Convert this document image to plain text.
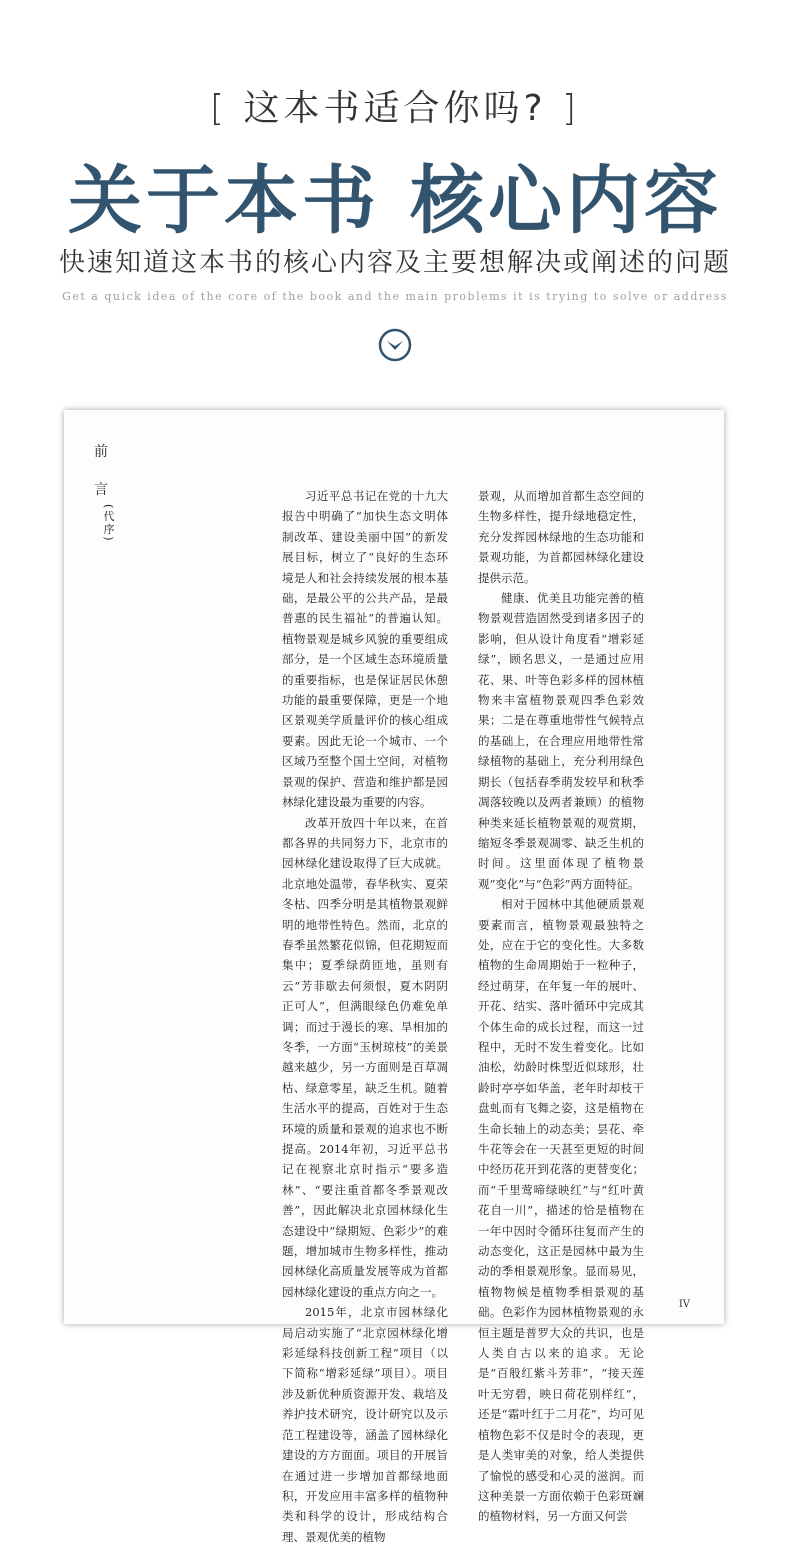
[ 这本书适合你吗? ]
关于本书 核心内容
快速知道这本书的核心内容及主要想解决或阐述的问题
Get a quick idea of the core of the book and the main problems it is trying to solve or address
前
言
(代序)

习近平总书记在党的十九大报告中明确了“加快生态文明体制改革、建设美丽中国”的新发展目标，树立了“良好的生态环境是人和社会持续发展的根本基础，是最公平的公共产品，是最普惠的民生福祉”的普遍认知。植物景观是城乡风貌的重要组成部分，是一个区域生态环境质量的重要指标，也是保证居民休憩功能的最重要保障，更是一个地区景观美学质量评价的核心组成要素。因此无论一个城市、一个区域乃至整个国土空间，对植物景观的保护、营造和维护都是园林绿化建设最为重要的内容。

改革开放四十年以来，在首都各界的共同努力下，北京市的园林绿化建设取得了巨大成就。北京地处温带，春华秋实、夏荣冬枯、四季分明是其植物景观鲜明的地带性特色。然而，北京的春季虽然繁花似锦，但花期短而集中；夏季绿荫匝地，虽则有云“芳菲歇去何须恨，夏木阴阴正可人”，但满眼绿色仍难免单调；而过于漫长的寒、旱相加的冬季，一方面“玉树琼枝”的美景越来越少，另一方面则是百草凋枯、绿意零星，缺乏生机。随着生活水平的提高，百姓对于生态环境的质量和景观的追求也不断提高。2014年初，习近平总书记在视察北京时指示“要多造林”、“要注重首都冬季景观改善”，因此解决北京园林绿化生态建设中“绿期短、色彩少”的难题，增加城市生物多样性，推动园林绿化高质量发展等成为首都园林绿化建设的重点方向之一。

2015年，北京市园林绿化局启动实施了“北京园林绿化增彩延绿科技创新工程”项目（以下简称“增彩延绿”项目）。项目涉及新优种质资源开发、栽培及养护技术研究，设计研究以及示范工程建设等，涵盖了园林绿化建设的方方面面。项目的开展旨在通过进一步增加首都绿地面积，开发应用丰富多样的植物种类和科学的设计，形成结构合理、景观优美的植物

景观，从而增加首都生态空间的生物多样性，提升绿地稳定性，充分发挥园林绿地的生态功能和景观功能，为首都园林绿化建设提供示范。

健康、优美且功能完善的植物景观营造固然受到诸多因子的影响，但从设计角度看“增彩延绿”，顾名思义，一是通过应用花、果、叶等色彩多样的园林植物来丰富植物景观四季色彩效果；二是在尊重地带性气候特点的基础上，在合理应用地带性常绿植物的基础上，充分利用绿色期长（包括春季萌发较早和秋季凋落较晚以及两者兼顾）的植物种类来延长植物景观的观赏期，缩短冬季景观凋零、缺乏生机的时间。这里面体现了植物景观“变化”与“色彩”两方面特征。

相对于园林中其他硬质景观要素而言，植物景观最独特之处，应在于它的变化性。大多数植物的生命周期始于一粒种子，经过萌芽，在年复一年的展叶、开花、结实、落叶循环中完成其个体生命的成长过程，而这一过程中，无时不发生着变化。比如油松，幼龄时株型近似球形，壮龄时亭亭如华盖，老年时却枝干盘虬而有飞舞之姿，这是植物在生命长轴上的动态美；昙花、牵牛花等会在一天甚至更短的时间中经历花开到花落的更替变化；而“千里莺啼绿映红”与“红叶黄花自一川”，描述的恰是植物在一年中因时令循环往复而产生的动态变化，这正是园林中最为生动的季相景观形象。显而易见，植物物候是植物季相景观的基础。色彩作为园林植物景观的永恒主题是普罗大众的共识，也是人类自古以来的追求。无论是“百般红紫斗芳菲”，“接天莲叶无穷碧，映日荷花别样红”，还是“霜叶红于二月花”，均可见植物色彩不仅是时令的表现，更是人类审美的对象，给人类提供了愉悦的感受和心灵的滋润。而这种美景一方面依赖于色彩斑斓的植物材料，另一方面又何尝

IV
